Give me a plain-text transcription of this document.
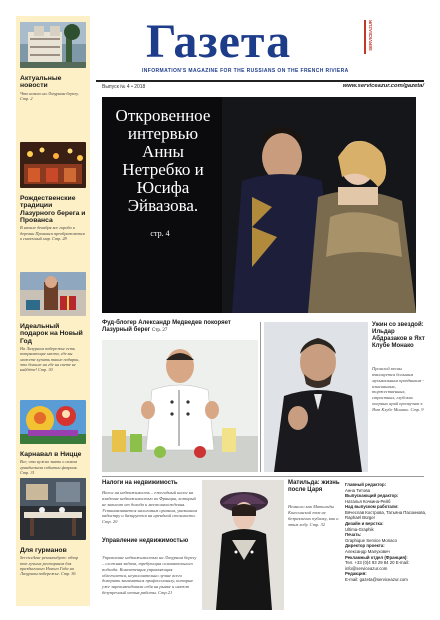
Актуальные новости
Что нового на Лазурном берегу. Стр. 2
Рождественские традиции Лазурного берега и Прованса
В начале декабря все города и деревни Прованса преображаются в сказочный мир. Стр. 28
Идеальный подарок на Новый Год
На Лазурном побережье есть потрясающие места, где вы можете купить такие подарки, что больше ни где на свете не найдёте! Стр. 30
Карнавал в Ницце
Все, что нужно знать о самом грандиозном событии февраля. Стр. 31
Для гурманов
ServiceAzur рекомендует: обзор топ лучших ресторанов для праздничного Нового Года на Лазурном побережье. Стр. 36
Газета	SERVICEAZUR
INFORMATION'S MAGAZINE FOR THE RUSSIANS ON THE FRENCH RIVIERA
Выпуск № 4 • 2018	www.serviceazur.com/gazeta/
Откровенное интервью Анны Нетребко и Юсифа Эйвазова.
стр. 4
Фуд-блогер Александр Медведев покоряет Лазурный берег Стр. 27
Ужин со звездой: Ильдар Абдразаков в Яхт Клубе Монако
Прошлой весны взволнуется большим музыкальным праздником - изысканных, торжественных, страстных, глубоких оперных арий прозвучит в Яхт Клубе Монако. Стр. 9
Налоги на недвижимость
Налог на недвижимость – ежегодный налог на владение недвижимостью во Франции, который не зависит от дохода и местонахождения. Устанавливается налоговым органом, указанном кадастру и базируется на арендной стоимости. Стр. 20
Управление недвижимостью
Управление недвижимостью на Лазурном берегу – сложная задача, требующая основательного подхода. Компетенция управляющая облегчается, неукоснительно лучше всего доверить заниматься профессионалу, которые уже зарекомендовали себя на рынке и имеют безупречный отзыв работы. Стр.21
Матильда: жизнь после Царя
Немного как Матильды Кшесинской тем не безразлично публику, как и этим хобу. Стр. 32
Главный редактор:
Анна Титова
Выпускающий редактор:
Наталья Кочкина-Рейб
Над выпуском работали:
Вячеслав Кострова, Татьяна Пасхинова, Raphaël Bürger
Дизайн и верстка:
Ultima-Graphik
Печать:
Graphique Service Monaco
Директор проекта:
Александр Малухович
Рекламный отдел (Франция):
Тел. +33 (0)4 93 29 84 20 E-mail: info@serviceazur.com
Редакция:
E-mail: gazeta@serviceazur.com
